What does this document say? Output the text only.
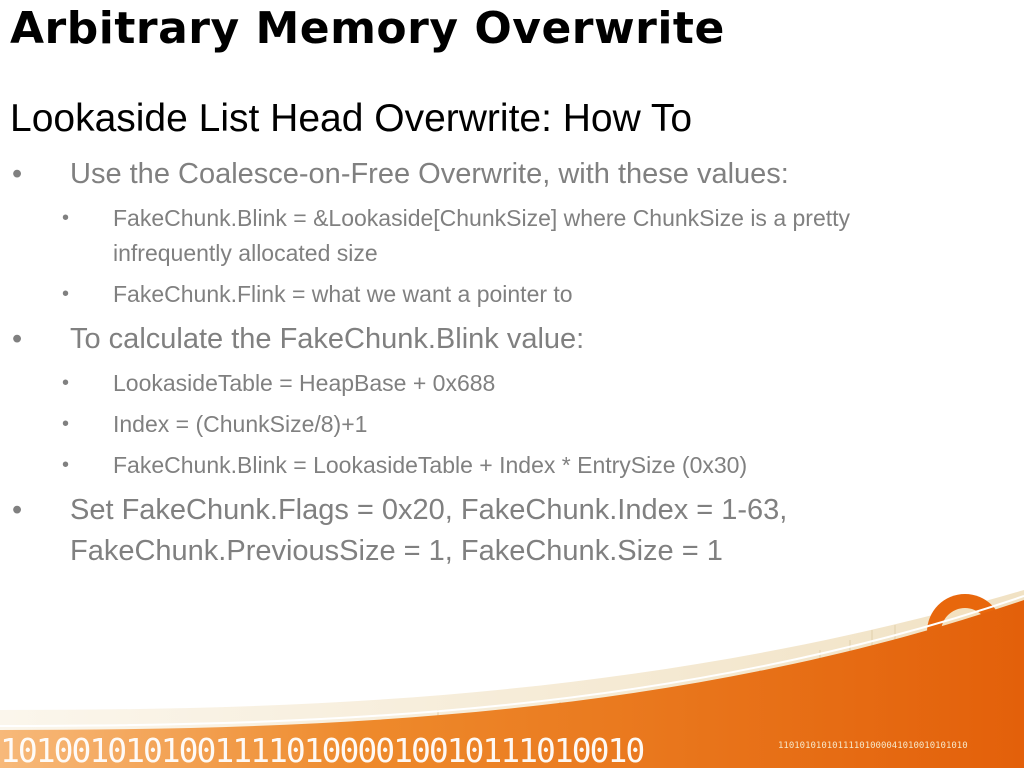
Arbitrary Memory Overwrite
Lookaside List Head Overwrite: How To
• Use the Coalesce-on-Free Overwrite, with these values:
• FakeChunk.Blink = &Lookaside[ChunkSize] where ChunkSize is a pretty infrequently allocated size
• FakeChunk.Flink = what we want a pointer to
• To calculate the FakeChunk.Blink value:
• LookasideTable = HeapBase + 0x688
• Index = (ChunkSize/8)+1
• FakeChunk.Blink = LookasideTable + Index * EntrySize (0x30)
• Set FakeChunk.Flags = 0x20, FakeChunk.Index = 1-63, FakeChunk.PreviousSize = 1, FakeChunk.Size = 1
101001010100111101000010010111010010	11010101010111101000041010010101010
